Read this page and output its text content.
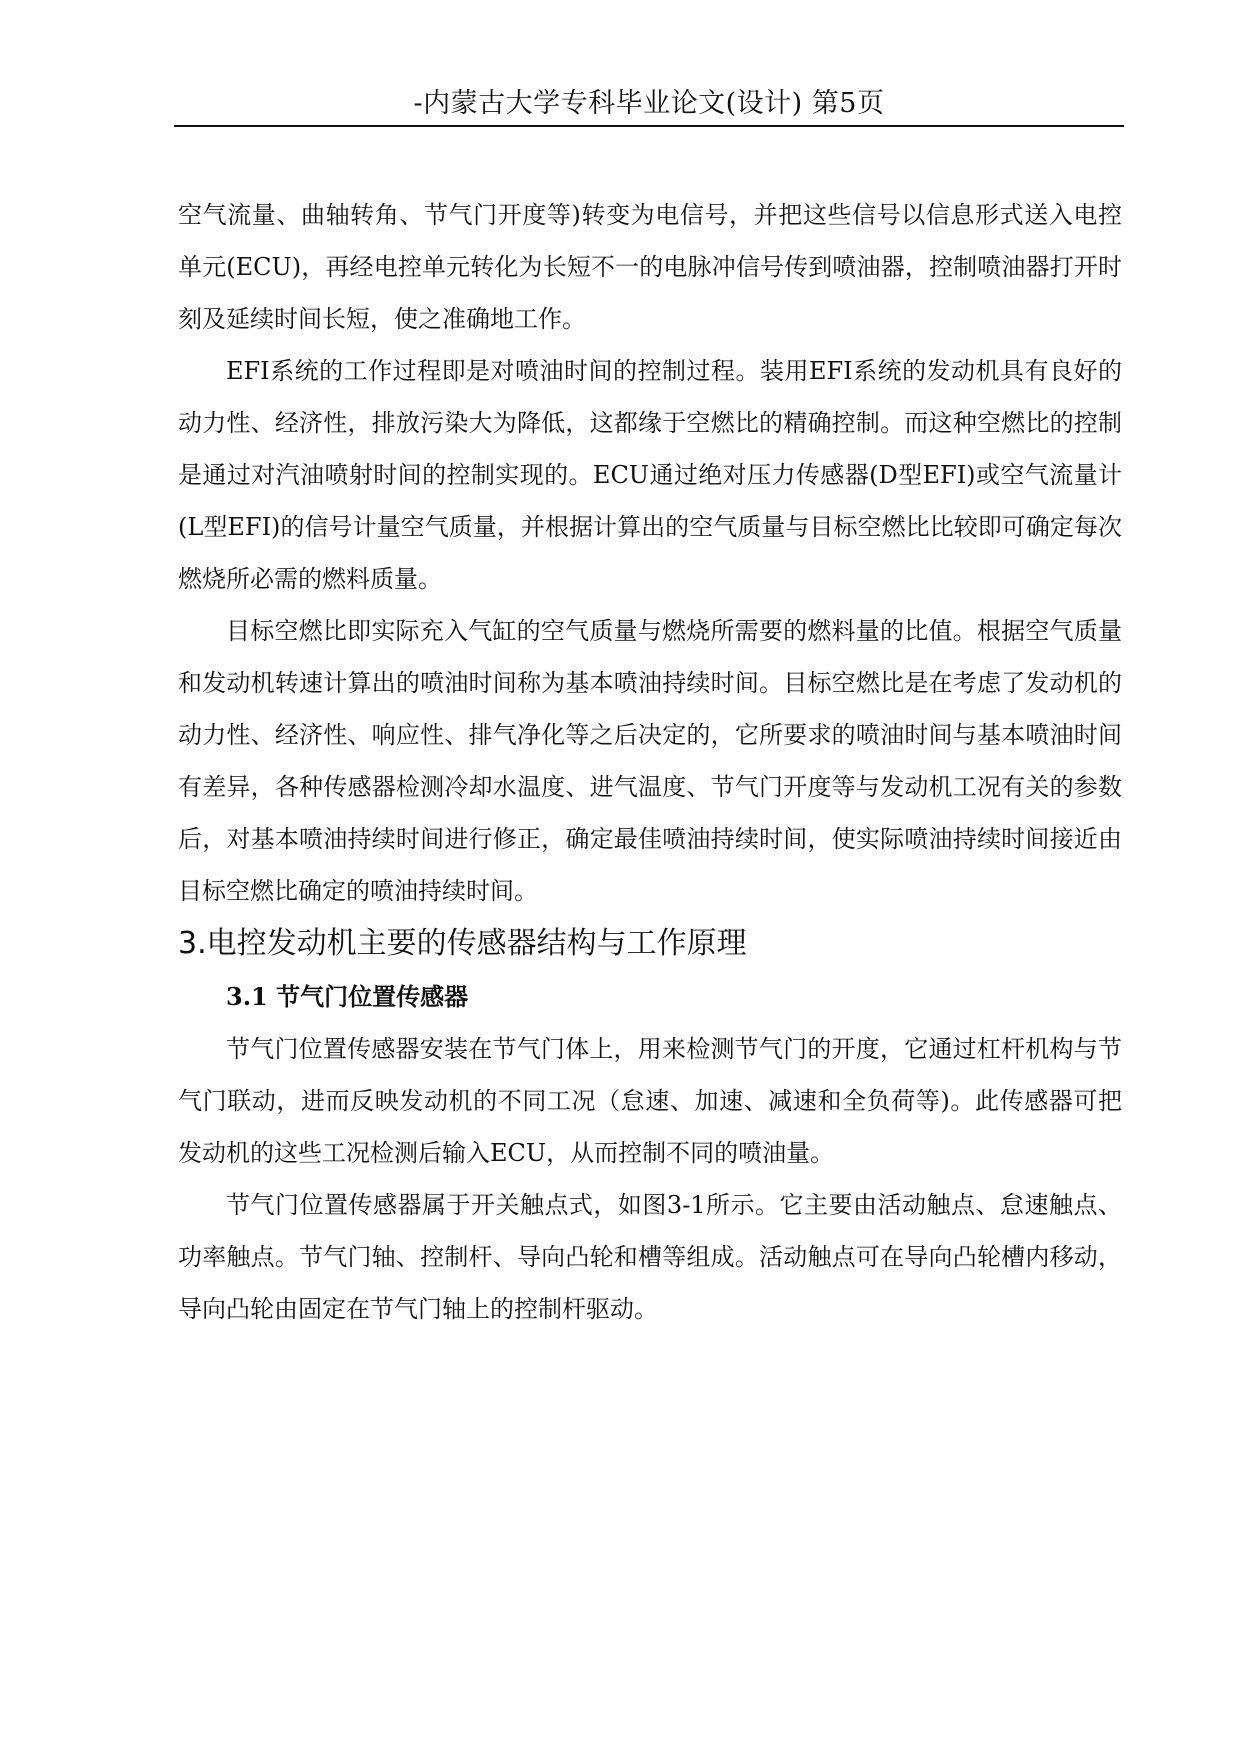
-内蒙古大学专科毕业论文(设计) 第5页

空气流量、曲轴转角、节气门开度等)转变为电信号，并把这些信号以信息形式送入电控单元(ECU)，再经电控单元转化为长短不一的电脉冲信号传到喷油器，控制喷油器打开时刻及延续时间长短，使之准确地工作。

EFI系统的工作过程即是对喷油时间的控制过程。装用EFI系统的发动机具有良好的动力性、经济性，排放污染大为降低，这都缘于空燃比的精确控制。而这种空燃比的控制是通过对汽油喷射时间的控制实现的。ECU通过绝对压力传感器(D型EFI)或空气流量计(L型EFI)的信号计量空气质量，并根据计算出的空气质量与目标空燃比比较即可确定每次燃烧所必需的燃料质量。

目标空燃比即实际充入气缸的空气质量与燃烧所需要的燃料量的比值。根据空气质量和发动机转速计算出的喷油时间称为基本喷油持续时间。目标空燃比是在考虑了发动机的动力性、经济性、响应性、排气净化等之后决定的，它所要求的喷油时间与基本喷油时间有差异，各种传感器检测冷却水温度、进气温度、节气门开度等与发动机工况有关的参数后，对基本喷油持续时间进行修正，确定最佳喷油持续时间，使实际喷油持续时间接近由目标空燃比确定的喷油持续时间。

3.电控发动机主要的传感器结构与工作原理
3.1 节气门位置传感器

节气门位置传感器安装在节气门体上，用来检测节气门的开度，它通过杠杆机构与节气门联动，进而反映发动机的不同工况（怠速、加速、减速和全负荷等)。此传感器可把发动机的这些工况检测后输入ECU，从而控制不同的喷油量。

节气门位置传感器属于开关触点式，如图3-1所示。它主要由活动触点、怠速触点、功率触点。节气门轴、控制杆、导向凸轮和槽等组成。活动触点可在导向凸轮槽内移动，导向凸轮由固定在节气门轴上的控制杆驱动。
